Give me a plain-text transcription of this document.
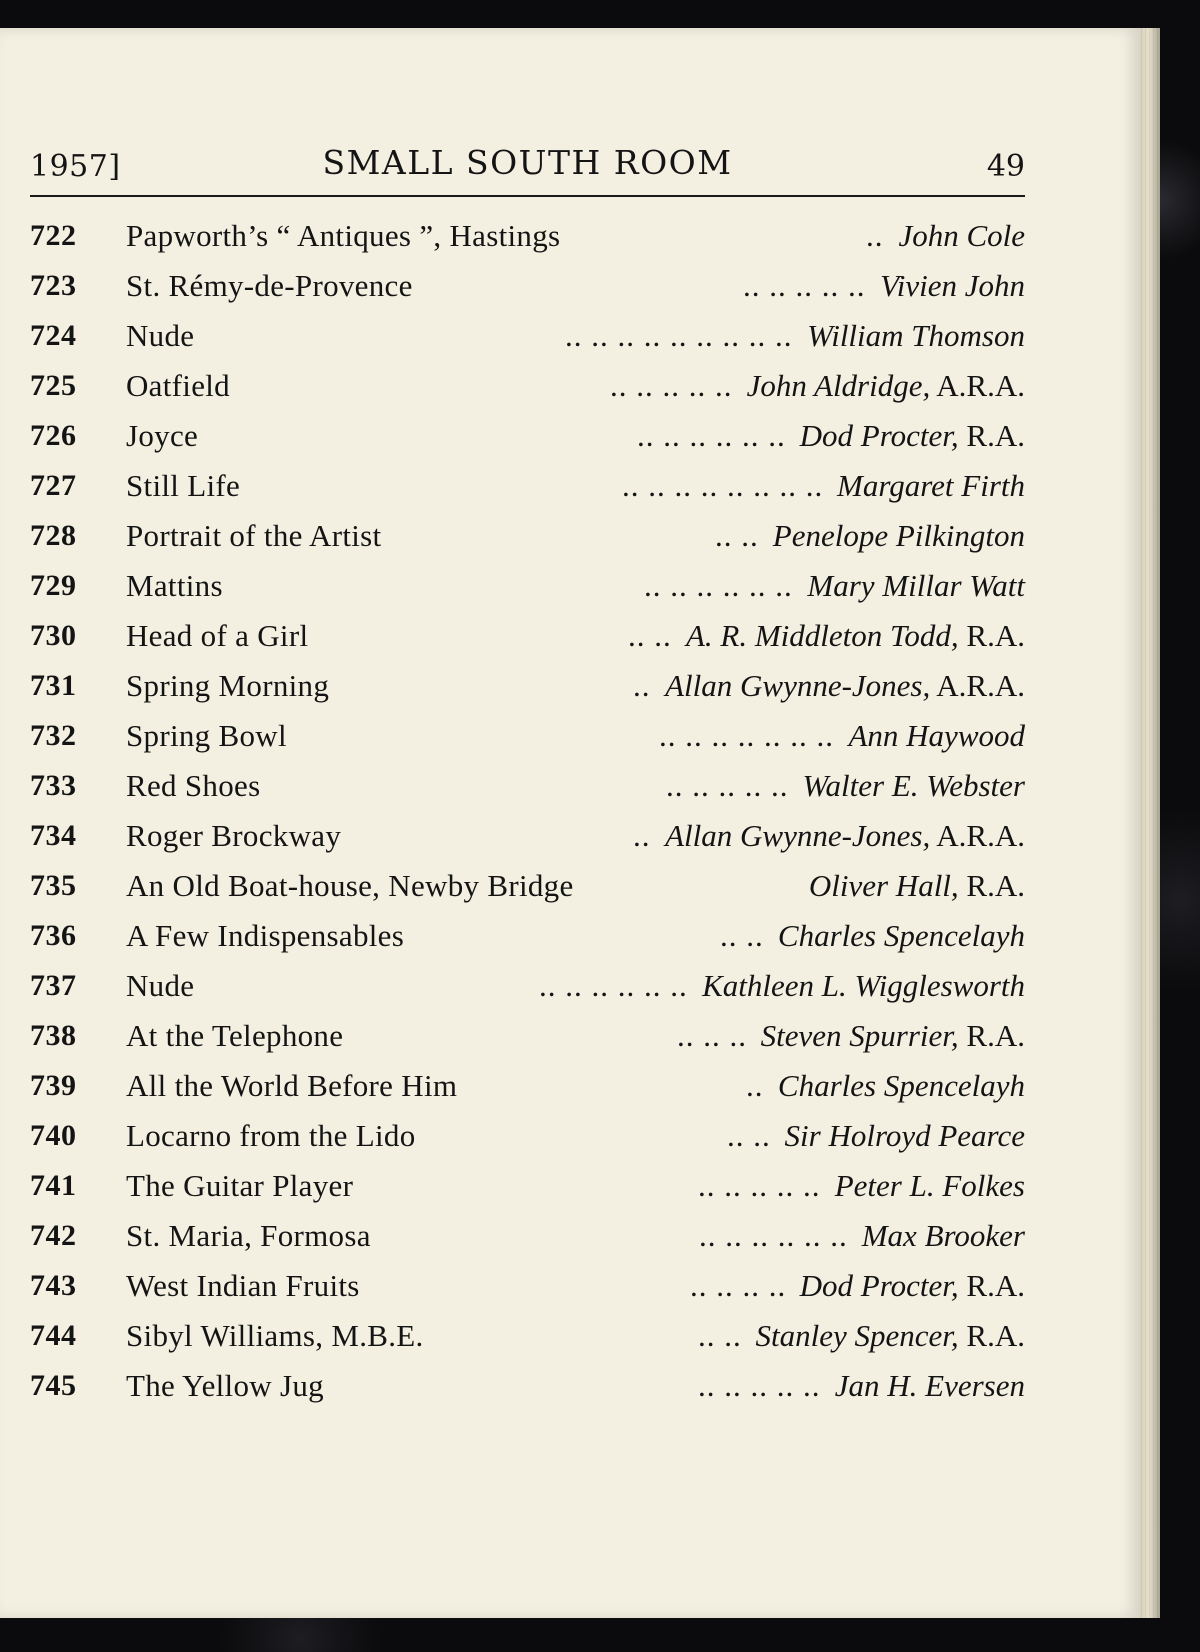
1957]	SMALL SOUTH ROOM	49
722 Papworth’s “ Antiques ”, Hastings	.. John Cole
723 St. Rémy-de-Provence	.. .. .. .. .. Vivien John
724 Nude	.. .. .. .. .. .. .. .. .. William Thomson
725 Oatfield	.. .. .. .. .. John Aldridge, A.R.A.
726 Joyce	.. .. .. .. .. .. Dod Procter, R.A.
727 Still Life	.. .. .. .. .. .. .. .. Margaret Firth
728 Portrait of the Artist	.. .. Penelope Pilkington
729 Mattins	.. .. .. .. .. .. Mary Millar Watt
730 Head of a Girl	.. .. A. R. Middleton Todd, R.A.
731 Spring Morning	.. Allan Gwynne-Jones, A.R.A.
732 Spring Bowl	.. .. .. .. .. .. .. Ann Haywood
733 Red Shoes	.. .. .. .. .. Walter E. Webster
734 Roger Brockway	.. Allan Gwynne-Jones, A.R.A.
735 An Old Boat-house, Newby Bridge	Oliver Hall, R.A.
736 A Few Indispensables	.. .. Charles Spencelayh
737 Nude	.. .. .. .. .. .. Kathleen L. Wigglesworth
738 At the Telephone	.. .. .. Steven Spurrier, R.A.
739 All the World Before Him	.. Charles Spencelayh
740 Locarno from the Lido	.. .. Sir Holroyd Pearce
741 The Guitar Player	.. .. .. .. .. Peter L. Folkes
742 St. Maria, Formosa	.. .. .. .. .. .. Max Brooker
743 West Indian Fruits	.. .. .. .. Dod Procter, R.A.
744 Sibyl Williams, M.B.E.	.. .. Stanley Spencer, R.A.
745 The Yellow Jug	.. .. .. .. .. Jan H. Eversen
